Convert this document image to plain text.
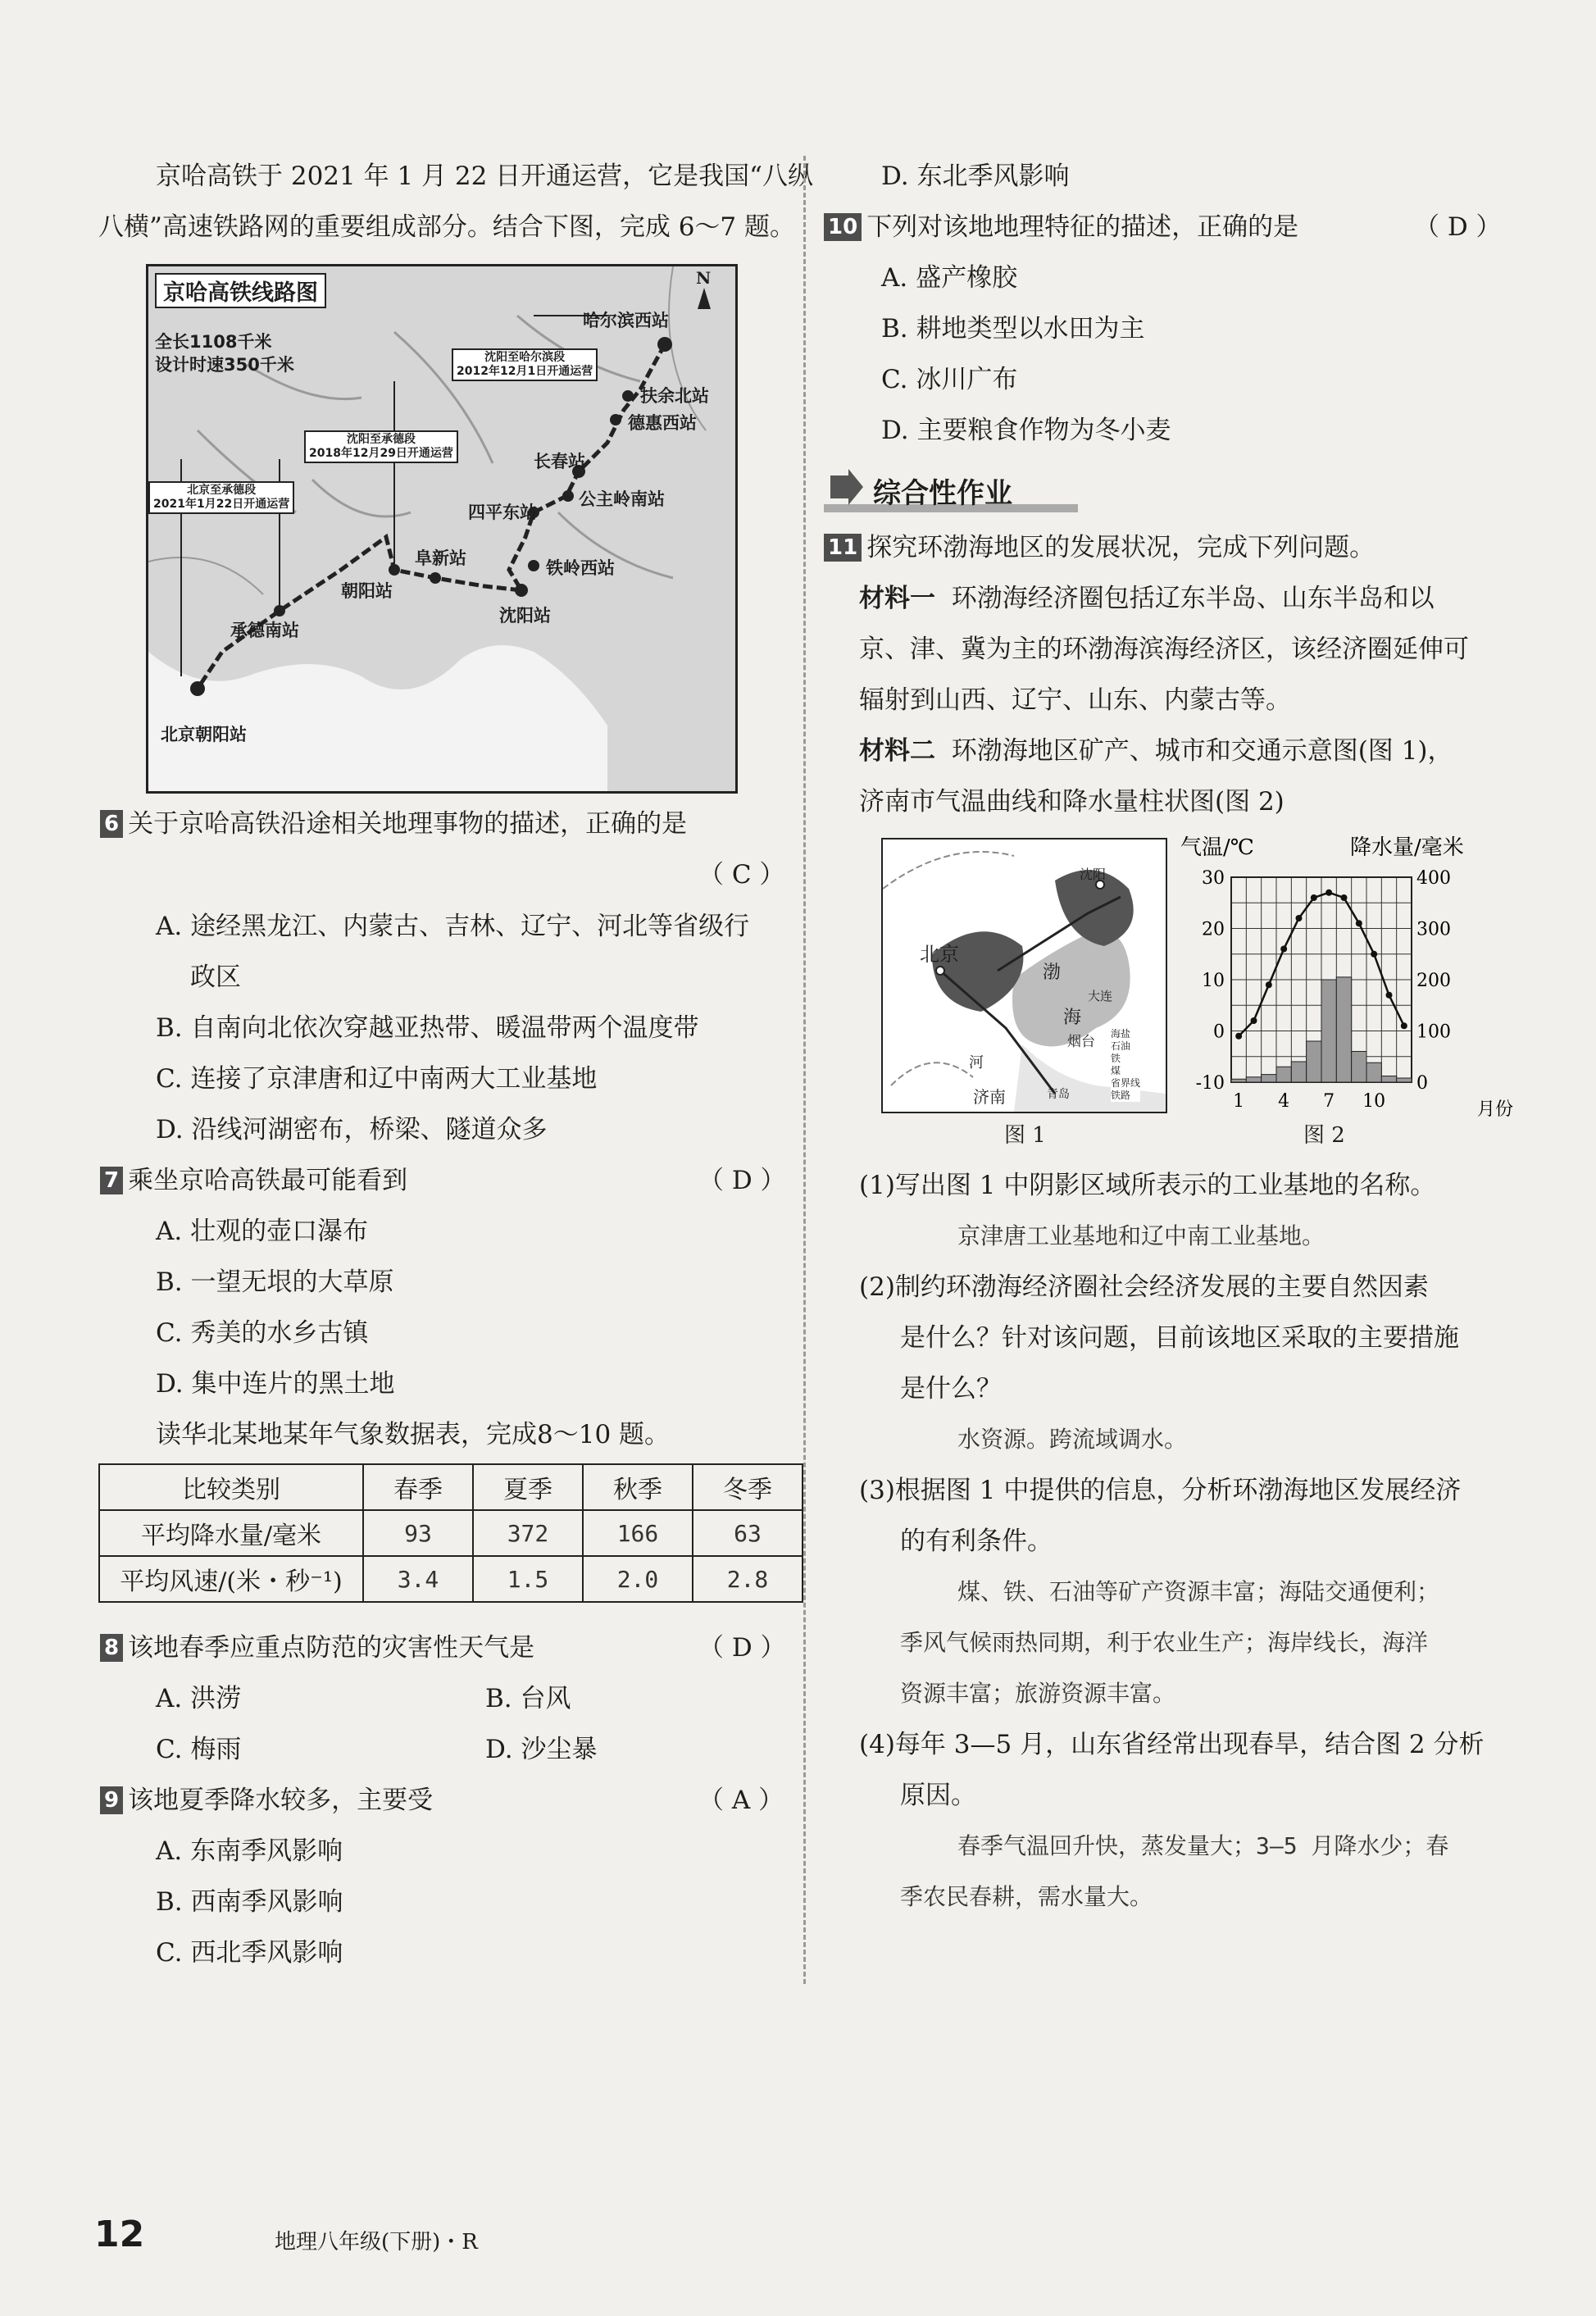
京哈高铁于 2021 年 1 月 22 日开通运营，它是我国“八纵
八横”高速铁路网的重要组成部分。结合下图，完成 6～7 题。
京哈高铁线路图
全长1108千米
设计时速350千米
N
沈阳至哈尔滨段
2012年12月1日开通运营
沈阳至承德段
2018年12月29日开通运营
北京至承德段
2021年1月22日开通运营
哈尔滨西站
扶余北站
德惠西站
长春站
公主岭南站
四平东站
铁岭西站
沈阳站
阜新站
朝阳站
承德南站
北京朝阳站
6 关于京哈高铁沿途相关地理事物的描述，正确的是
（ C ）
A. 途经黑龙江、内蒙古、吉林、辽宁、河北等省级行
政区
B. 自南向北依次穿越亚热带、暖温带两个温度带
C. 连接了京津唐和辽中南两大工业基地
D. 沿线河湖密布，桥梁、隧道众多
7 乘坐京哈高铁最可能看到	（ D ）
A. 壮观的壶口瀑布
B. 一望无垠的大草原
C. 秀美的水乡古镇
D. 集中连片的黑土地
读华北某地某年气象数据表，完成8～10 题。
比较类别	春季	夏季	秋季	冬季
平均降水量/毫米	93	372	166	63
平均风速/(米・秒⁻¹)	3.4	1.5	2.0	2.8
8 该地春季应重点防范的灾害性天气是	（ D ）
A. 洪涝	B. 台风
C. 梅雨	D. 沙尘暴
9 该地夏季降水较多，主要受	（ A ）
A. 东南季风影响
B. 西南季风影响
C. 西北季风影响
D. 东北季风影响
10 下列对该地地理特征的描述，正确的是	（ D ）
A. 盛产橡胶
B. 耕地类型以水田为主
C. 冰川广布
D. 主要粮食作物为冬小麦
综合性作业
11 探究环渤海地区的发展状况，完成下列问题。
材料一 环渤海经济圈包括辽东半岛、山东半岛和以
京、津、冀为主的环渤海滨海经济区，该经济圈延伸可
辐射到山西、辽宁、山东、内蒙古等。
材料二 环渤海地区矿产、城市和交通示意图(图 1)，
济南市气温曲线和降水量柱状图(图 2)
北京
沈阳
大连
渤
海
烟台
济南	青岛
河
海盐
石油
铁
煤
省界线
铁路
图 1
气温/℃	降水量/毫米
月份
-10
0
10
20
30
0
100
200
300
400
1 4 7 10
图 2
(1)写出图 1 中阴影区域所表示的工业基地的名称。
京津唐工业基地和辽中南工业基地。
(2)制约环渤海经济圈社会经济发展的主要自然因素
是什么？针对该问题，目前该地区采取的主要措施
是什么？
水资源。跨流域调水。
(3)根据图 1 中提供的信息，分析环渤海地区发展经济
的有利条件。
煤、铁、石油等矿产资源丰富；海陆交通便利；
季风气候雨热同期，利于农业生产；海岸线长，海洋
资源丰富；旅游资源丰富。
(4)每年 3—5 月，山东省经常出现春旱，结合图 2 分析
原因。
春季气温回升快，蒸发量大；3—5 月降水少；春
季农民春耕，需水量大。
12	地理八年级(下册)・R
